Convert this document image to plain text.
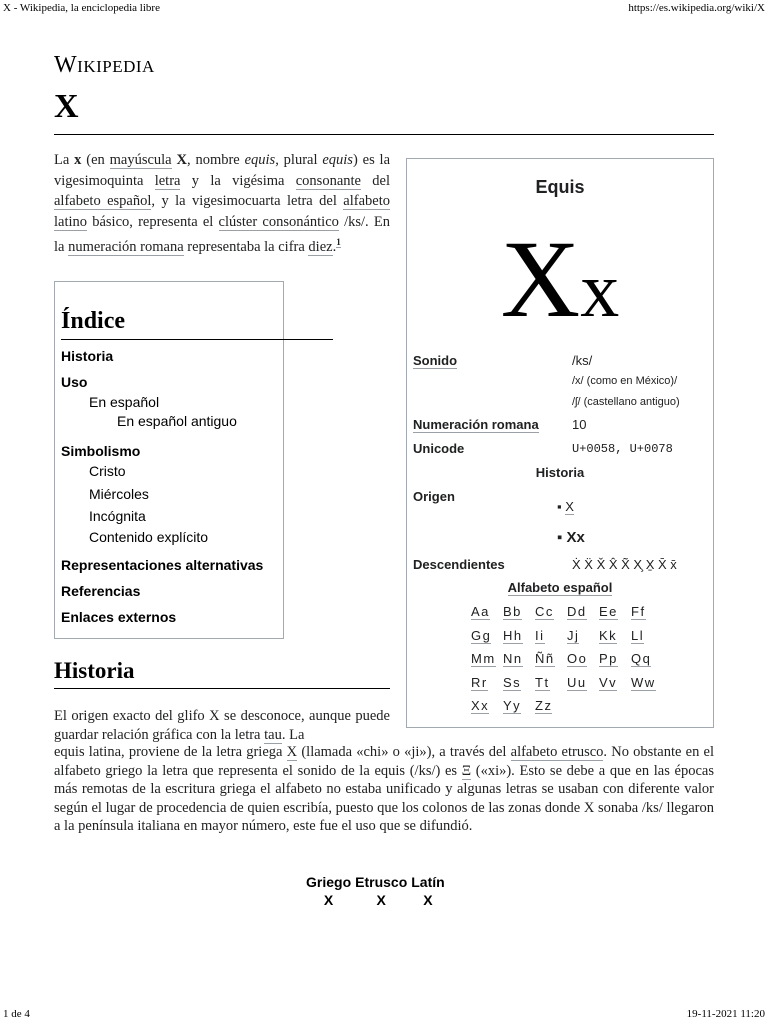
X - Wikipedia, la enciclopedia libre	https://es.wikipedia.org/wiki/X
Wikipedia
X
La x (en mayúscula X, nombre equis, plural equis) es la vigesimoquinta letra y la vigésima consonante del alfabeto español, y la vigesimocuarta letra del alfabeto latino básico, representa el clúster consonántico /ks/. En la numeración romana representaba la cifra diez.$^1$
Índice
Historia
Uso
En español
En español antiguo
Simbolismo
Cristo
Miércoles
Incógnita
Contenido explícito
Representaciones alternativas
Referencias
Enlaces externos
Equis
Xx
Sonido	/ks/
/x/ (como en México)/
/ʃ/ (castellano antiguo)
Numeración romana	10
Unicode	U+0058, U+0078
Historia
Origen
▪ Χ
▪ Xx
Descendientes	Ẋ Ẍ X̌ X̂ X̃ X̧ X̱ X̄ x̄
Alfabeto español
Aa	Bb	Cc	Dd Ee	Ff
Gg Hh Ii	Jj	Kk	Ll
Mm Nn Ññ Oo Pp	Qq
Rr	Ss	Tt	Uu Vv	Ww
Xx	Yy	Zz
Historia
El origen exacto del glifo X se desconoce, aunque puede guardar relación gráfica con la letra tau. La
equis latina, proviene de la letra griega Χ (llamada «chi» o «ji»), a través del alfabeto etrusco. No obstante en el alfabeto griego la letra que representa el sonido de la equis (/ks/) es Ξ («xi»). Esto se debe a que en las épocas más remotas de la escritura griega el alfabeto no estaba unificado y algunas letras se usaban con diferente valor según el lugar de procedencia de quien escribía, puesto que los colonos de las zonas donde X sonaba /ks/ llegaron a la península italiana en mayor número, este fue el uso que se difundió.
Griego	Etrusco	Latín
X	X	X
1 de 4	19-11-2021 11:20
